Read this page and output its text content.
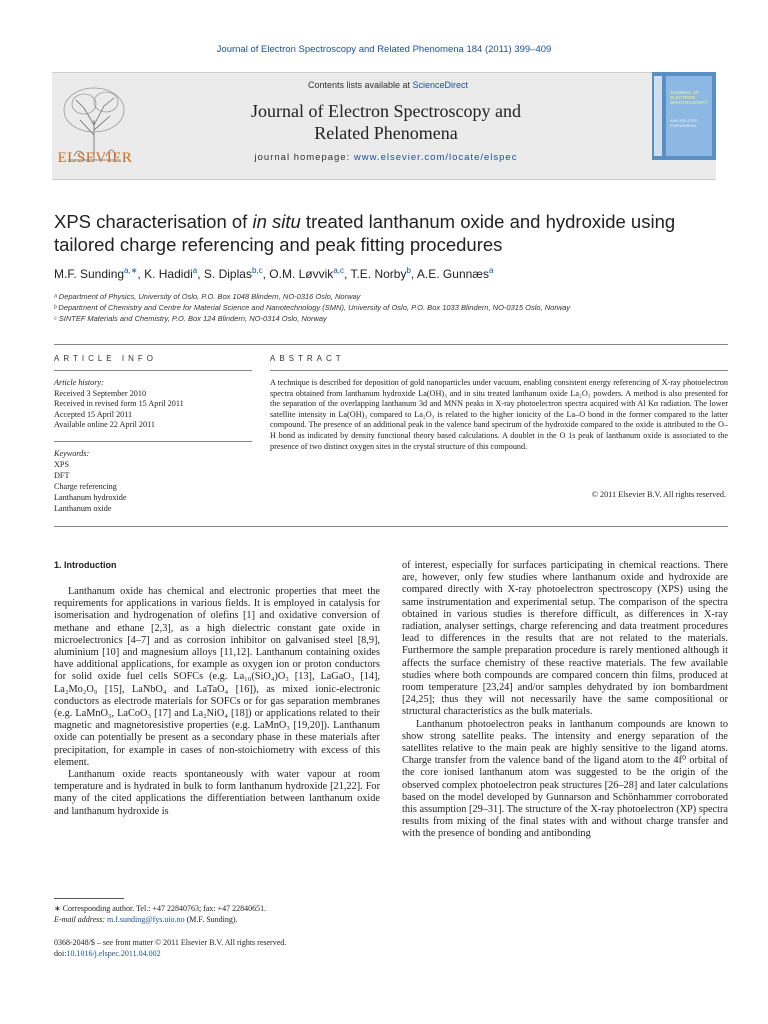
Journal of Electron Spectroscopy and Related Phenomena 184 (2011) 399–409
ELSEVIER
Contents lists available at ScienceDirect
Journal of Electron Spectroscopy and
Related Phenomena
journal homepage: www.elsevier.com/locate/elspec
JOURNAL OF ELECTRON SPECTROSCOPY
AND RELATED PHENOMENA
XPS characterisation of in situ treated lanthanum oxide and hydroxide using tailored charge referencing and peak fitting procedures
M.F. Sunding$^{a,∗}$, K. Hadidi$^a$, S. Diplas$^{b,c}$, O.M. Løvvik$^{a,c}$, T.E. Norby$^b$, A.E. Gunnæs$^a$
ᵃ Department of Physics, University of Oslo, P.O. Box 1048 Blindern, NO-0316 Oslo, Norway
ᵇ Department of Chemistry and Centre for Material Science and Nanotechnology (SMN), University of Oslo, P.O. Box 1033 Blindern, NO-0315 Oslo, Norway
ᶜ SINTEF Materials and Chemistry, P.O. Box 124 Blindern, NO-0314 Oslo, Norway
ARTICLE INFO	ABSTRACT
Article history:
Received 3 September 2010
Received in revised form 15 April 2011
Accepted 15 April 2011
Available online 22 April 2011
Keywords:
XPS
DFT
Charge referencing
Lanthanum hydroxide
Lanthanum oxide
A technique is described for deposition of gold nanoparticles under vacuum, enabling consistent energy referencing of X-ray photoelectron spectra obtained from lanthanum hydroxide La(OH)₃ and in situ treated lanthanum oxide La₂O₃ powders. A method is also presented for the separation of the overlapping lanthanum 3d and MNN peaks in X-ray photoelectron spectra acquired with Al Kα radiation. The lower satellite intensity in La(OH)₃ compared to La₂O₃ is related to the higher ionicity of the La–O bond in the former compared to the latter compound. The presence of an additional peak in the valence band spectrum of the hydroxide compared to the oxide is attributed to the O–H bond as indicated by density functional theory based calculations. A doublet in the O 1s peak of lanthanum oxide is associated to the presence of two distinct oxygen sites in the crystal structure of this compound.
© 2011 Elsevier B.V. All rights reserved.
1. Introduction

Lanthanum oxide has chemical and electronic properties that meet the requirements for applications in various fields. It is employed in catalysis for isomerisation and hydrogenation of olefins [1] and oxidative conversion of methane and ethane [2,3], as a high dielectric constant gate oxide in microelectronics [4–7] and as corrosion inhibitor on galvanised steel [8,9], aluminium [10] and magnesium alloys [11,12]. Lanthanum containing oxides have additional applications, for example as oxygen ion or proton conductors for solid oxide fuel cells SOFCs (e.g. La₁₀(SiO₄)O₃ [13], LaGaO₃ [14], La₂Mo₂O₉ [15], LaNbO₄ and LaTaO₄ [16]), as mixed ionic-electronic conductors as electrode materials for SOFCs or for gas separation membranes (e.g. LaMnO₃, LaCoO₃ [17] and La₂NiO₄ [18]) or applications related to their magnetic and magnetoresistive properties (e.g. LaMnO₃ [19,20]). Lanthanum oxide can potentially be present as a secondary phase in these materials after precipitation, for example in cases of non-stoichiometry with excess of this element.

Lanthanum oxide reacts spontaneously with water vapour at room temperature and is hydrated in bulk to form lanthanum hydroxide [21,22]. For many of the cited applications the differentiation between lanthanum oxide and lanthanum hydroxide is

of interest, especially for surfaces participating in chemical reactions. There are, however, only few studies where lanthanum oxide and hydroxide are compared directly with X-ray photoelectron spectroscopy (XPS) using the same instrumentation and experimental setup. The comparison of the spectra obtained in various studies is therefore difficult, as differences in X-ray radiation, analyser settings, charge referencing and data treatment procedures lead to differences in the results that are not related to the materials. Furthermore the sample preparation procedure is rarely mentioned although it affects the surface chemistry of these reactive materials. The few available studies where both compounds are compared concern thin films, produced at room temperature [23,24] and/or samples dehydrated by ion bombardment [24,25]; thus they will not necessarily have the same compositional or structural characteristics as the bulk materials.

Lanthanum photoelectron peaks in lanthanum compounds are known to show strong satellite peaks. The intensity and energy separation of the satellites relative to the main peak are highly sensitive to the ligand atoms. Charge transfer from the valence band of the ligand atom to the 4f⁰ orbital of the core ionised lanthanum atom was suggested to be the origin of the observed complex photoelectron peak structures [26–28] and later calculations based on the model developed by Gunnarson and Schönhammer corroborated this assumption [29–31]. The structure of the X-ray photoelectron (XP) spectra results from mixing of the final states with and without charge transfer and with the presence of bonding and antibonding

∗ Corresponding author. Tel.: +47 22840763; fax: +47 22840651.
E-mail address: m.f.sunding@fys.uio.no (M.F. Sunding).
0368-2048/$ – see front matter © 2011 Elsevier B.V. All rights reserved.
doi:10.1016/j.elspec.2011.04.002
